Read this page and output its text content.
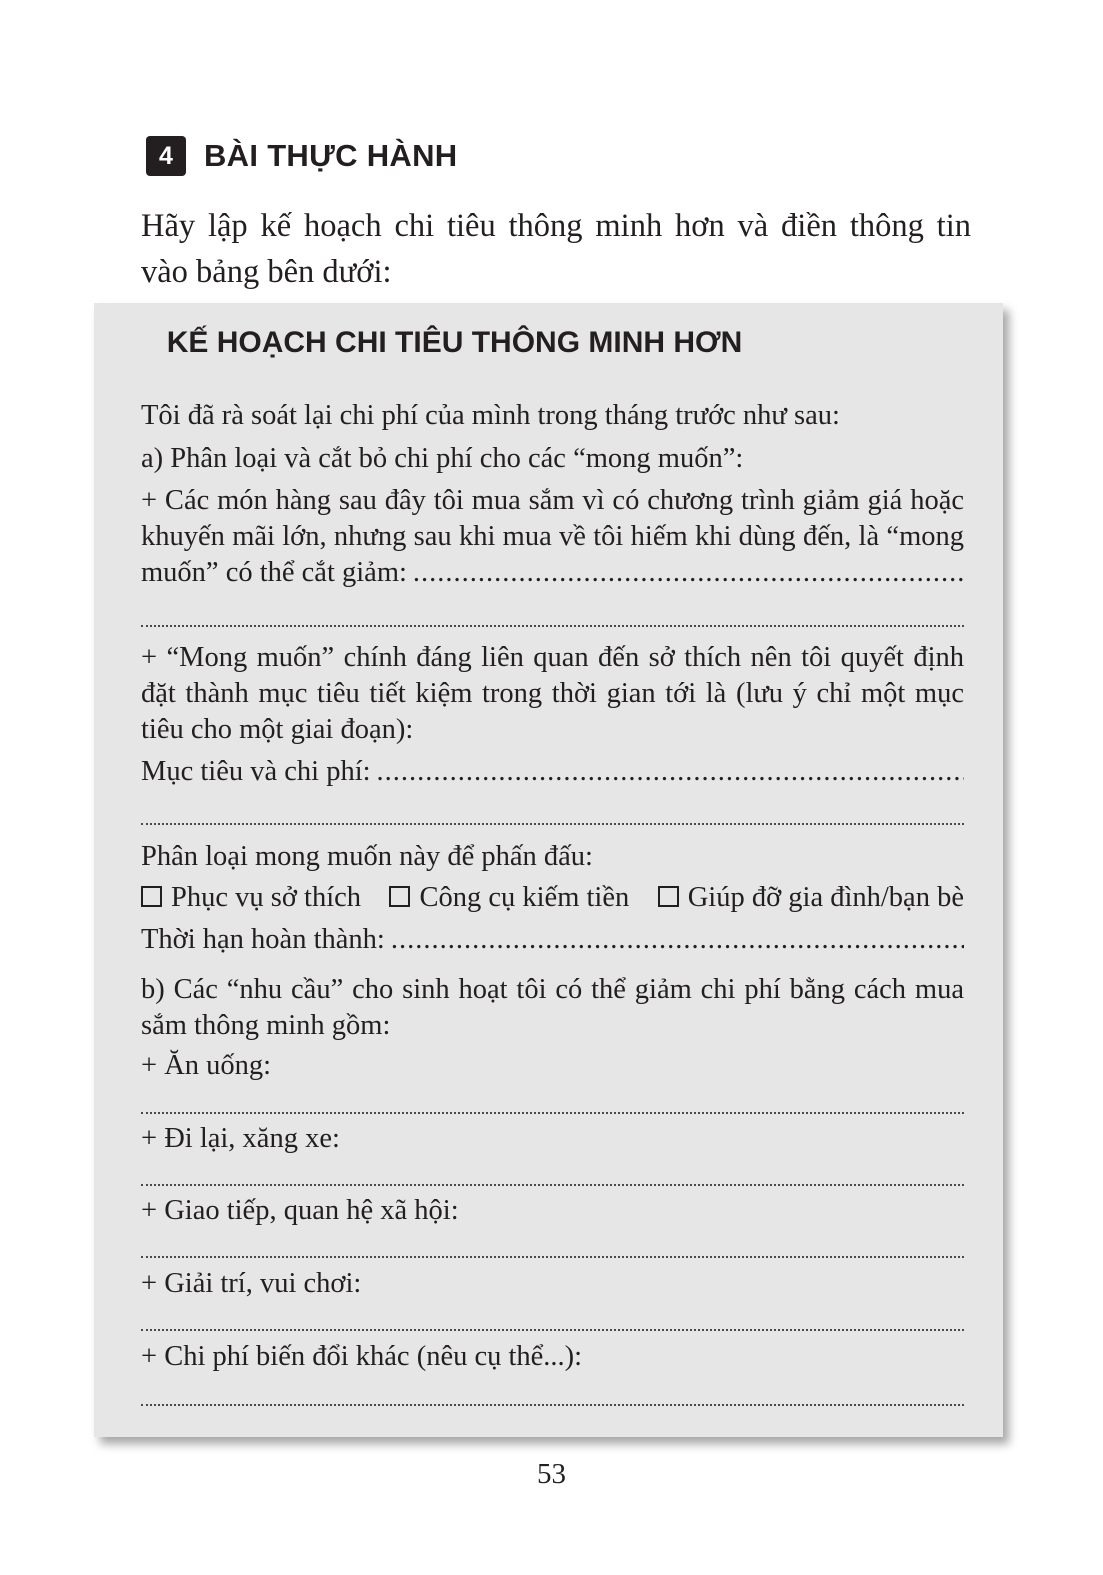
4	BÀI THỰC HÀNH
Hãy lập kế hoạch chi tiêu thông minh hơn và điền thông tin
vào bảng bên dưới:
KẾ HOẠCH CHI TIÊU THÔNG MINH HƠN
Tôi đã rà soát lại chi phí của mình trong tháng trước như sau:
a) Phân loại và cắt bỏ chi phí cho các “mong muốn”:
+ Các món hàng sau đây tôi mua sắm vì có chương trình giảm giá hoặc
khuyến mãi lớn, nhưng sau khi mua về tôi hiếm khi dùng đến, là “mong
muốn” có thể cắt giảm:
.....
+ “Mong muốn” chính đáng liên quan đến sở thích nên tôi quyết định
đặt thành mục tiêu tiết kiệm trong thời gian tới là (lưu ý chỉ một mục
tiêu cho một giai đoạn):
Mục tiêu và chi phí:
.....
Phân loại mong muốn này để phấn đấu:
Phục vụ sở thích	Công cụ kiếm tiền	Giúp đỡ gia đình/bạn bè
Thời hạn hoàn thành:
.....
b) Các “nhu cầu” cho sinh hoạt tôi có thể giảm chi phí bằng cách mua
sắm thông minh gồm:
+ Ăn uống:
+ Đi lại, xăng xe:
+ Giao tiếp, quan hệ xã hội:
+ Giải trí, vui chơi:
+ Chi phí biến đổi khác (nêu cụ thể...):
53
